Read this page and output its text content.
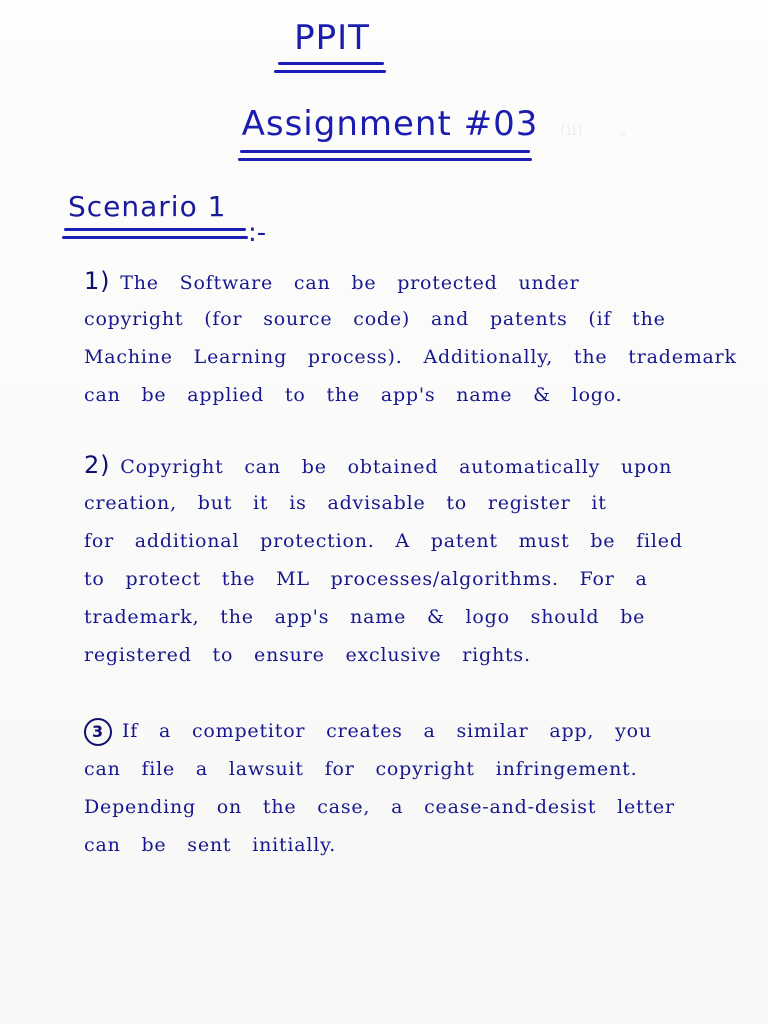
(ii) ᵒ
PPIT
Assignment #03
Scenario 1
:-
1) The Software can be protected under
copyright (for source code) and patents (if the
Machine Learning process). Additionally, the trademark
can be applied to the app's name & logo.
2) Copyright can be obtained automatically upon
creation, but it is advisable to register it
for additional protection. A patent must be filed
to protect the ML processes/algorithms. For a
trademark, the app's name & logo should be
registered to ensure exclusive rights.
3 If a competitor creates a similar app, you
can file a lawsuit for copyright infringement.
Depending on the case, a cease-and-desist letter
can be sent initially.
